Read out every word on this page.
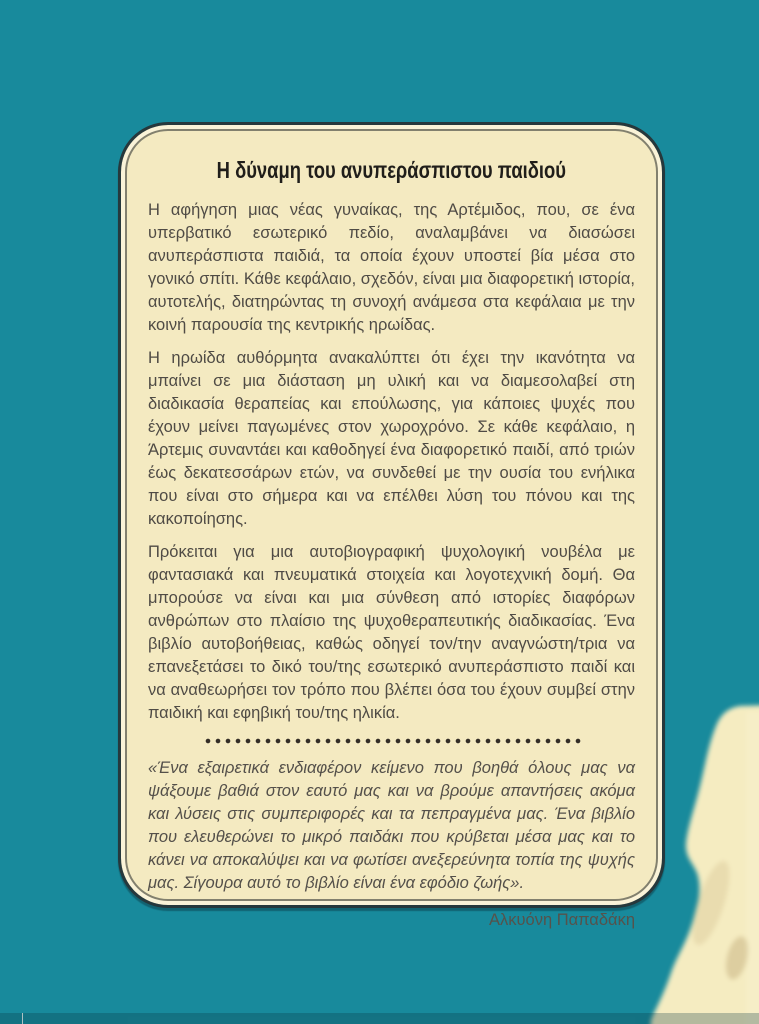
Η δύναμη του ανυπεράσπιστου παιδιού

Η αφήγηση μιας νέας γυναίκας, της Αρτέμιδος, που, σε ένα υπερβατικό εσωτερικό πεδίο, αναλαμβάνει να διασώσει ανυπεράσπιστα παιδιά, τα οποία έχουν υποστεί βία μέσα στο γονικό σπίτι. Κάθε κεφάλαιο, σχεδόν, είναι μια διαφορετική ιστορία, αυτοτελής, διατηρώντας τη συνοχή ανάμεσα στα κεφάλαια με την κοινή παρουσία της κεντρικής ηρωίδας.

Η ηρωίδα αυθόρμητα ανακαλύπτει ότι έχει την ικανότητα να μπαίνει σε μια διάσταση μη υλική και να διαμεσολαβεί στη διαδικασία θεραπείας και επούλωσης, για κάποιες ψυχές που έχουν μείνει παγωμένες στον χωροχρόνο. Σε κάθε κεφάλαιο, η Άρτεμις συναντάει και καθοδηγεί ένα διαφορετικό παιδί, από τριών έως δεκατεσσάρων ετών, να συνδεθεί με την ουσία του ενήλικα που είναι στο σήμερα και να επέλθει λύση του πόνου και της κακοποίησης.

Πρόκειται για μια αυτοβιογραφική ψυχολογική νουβέλα με φαντασιακά και πνευματικά στοιχεία και λογοτεχνική δομή. Θα μπορούσε να είναι και μια σύνθεση από ιστορίες διαφόρων ανθρώπων στο πλαίσιο της ψυχοθεραπευτικής διαδικασίας. Ένα βιβλίο αυτοβοήθειας, καθώς οδηγεί τον/την αναγνώστη/τρια να επανεξετάσει το δικό του/της εσωτερικό ανυπεράσπιστο παιδί και να αναθεωρήσει τον τρόπο που βλέπει όσα του έχουν συμβεί στην παιδική και εφηβική του/της ηλικία.

«Ένα εξαιρετικά ενδιαφέρον κείμενο που βοηθά όλους μας να ψάξουμε βαθιά στον εαυτό μας και να βρούμε απαντήσεις ακόμα και λύσεις στις συμπεριφορές και τα πεπραγμένα μας. Ένα βιβλίο που ελευθερώνει το μικρό παιδάκι που κρύβεται μέσα μας και το κάνει να αποκαλύψει και να φωτίσει ανεξερεύνητα τοπία της ψυχής μας. Σίγουρα αυτό το βιβλίο είναι ένα εφόδιο ζωής».

Αλκυόνη Παπαδάκη
